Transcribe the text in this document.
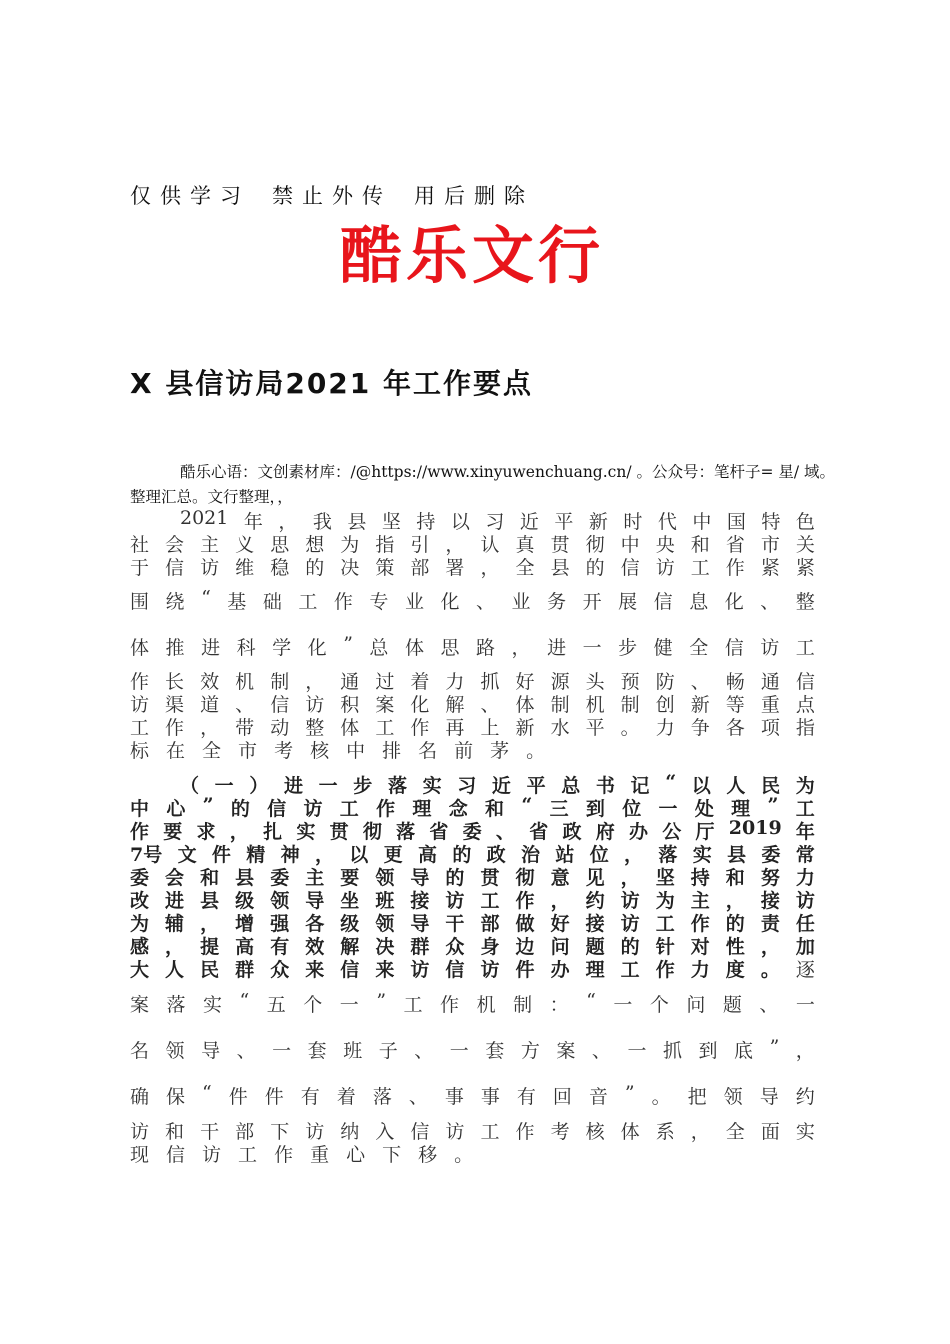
仅供学习 禁止外传 用后删除
酷乐文行
X 县信访局2021 年工作要点
酷乐心语：文创素材库：/@https://www.xinyuwenchuang.cn/ 。公众号：笔杆子= 星/ 域。
整理汇总。文行整理，，
2021 年 ， 我 县 坚 持 以 习 近 平 新 时 代 中 国 特 色
社 会 主 义 思 想 为 指 引 ， 认 真 贯 彻 中 央 和 省 市 关
于 信 访 维 稳 的 决 策 部 署 ， 全 县 的 信 访 工 作 紧 紧
围 绕 “ 基 础 工 作 专 业 化 、 业 务 开 展 信 息 化 、 整
体 推 进 科 学 化 ” 总 体 思 路 ， 进 一 步 健 全 信 访 工
作 长 效 机 制 ， 通 过 着 力 抓 好 源 头 预 防 、 畅 通 信
访 渠 道 、 信 访 积 案 化 解 、 体 制 机 制 创 新 等 重 点
工 作 ， 带 动 整 体 工 作 再 上 新 水 平 。 力 争 各 项 指
标 在 全 市 考 核 中 排 名 前 茅 。
（ 一 ） 进 一 步 落 实 习 近 平 总 书 记 “ 以 人 民 为
中 心 ” 的 信 访 工 作 理 念 和 “ 三 到 位 一 处 理 ” 工
作 要 求 ， 扎 实 贯 彻 落 省 委 、 省 政 府 办 公 厅 2019 年
7号 文 件 精 神 ， 以 更 高 的 政 治 站 位 ， 落 实 县 委 常
委 会 和 县 委 主 要 领 导 的 贯 彻 意 见 ， 坚 持 和 努 力
改 进 县 级 领 导 坐 班 接 访 工 作 ， 约 访 为 主 ， 接 访
为 辅 ， 增 强 各 级 领 导 干 部 做 好 接 访 工 作 的 责 任
感 ， 提 高 有 效 解 决 群 众 身 边 问 题 的 针 对 性 ， 加
大 人 民 群 众 来 信 来 访 信 访 件 办 理 工 作 力 度 。 逐
案 落 实 “ 五 个 一 ” 工 作 机 制 ： “ 一 个 问 题 、 一
名 领 导 、 一 套 班 子 、 一 套 方 案 、 一 抓 到 底 ” ，
确 保 “ 件 件 有 着 落 、 事 事 有 回 音 ” 。 把 领 导 约
访 和 干 部 下 访 纳 入 信 访 工 作 考 核 体 系 ， 全 面 实
现 信 访 工 作 重 心 下 移 。
